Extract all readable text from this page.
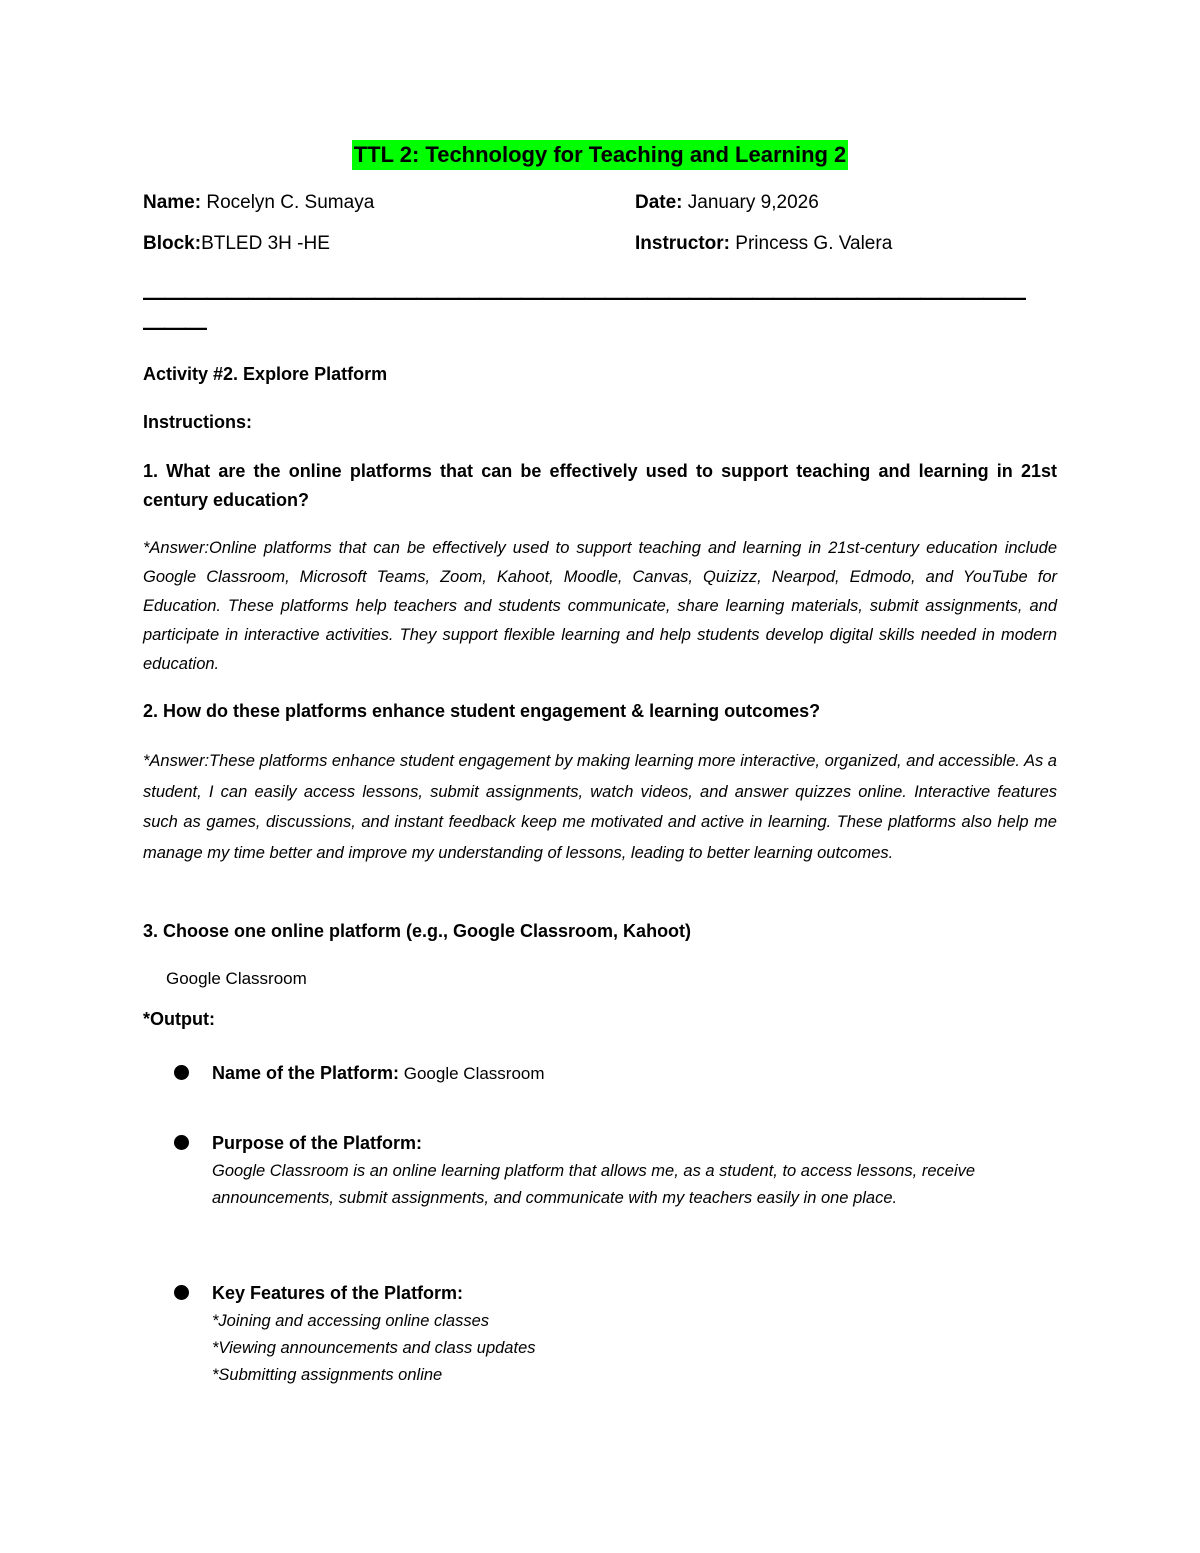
TTL 2: Technology for Teaching and Learning 2
Name: Rocelyn C. Sumaya	Date: January 9,2026
Block:BTLED 3H -HE	Instructor: Princess G. Valera
——————————————————————————————————————————
———
Activity #2. Explore Platform
Instructions:
1. What are the online platforms that can be effectively used to support teaching and learning in 21st century education?
*Answer:Online platforms that can be effectively used to support teaching and learning in 21st-century education include Google Classroom, Microsoft Teams, Zoom, Kahoot, Moodle, Canvas, Quizizz, Nearpod, Edmodo, and YouTube for Education. These platforms help teachers and students communicate, share learning materials, submit assignments, and participate in interactive activities. They support flexible learning and help students develop digital skills needed in modern education.
2. How do these platforms enhance student engagement & learning outcomes?
*Answer:These platforms enhance student engagement by making learning more interactive, organized, and accessible. As a student, I can easily access lessons, submit assignments, watch videos, and answer quizzes online. Interactive features such as games, discussions, and instant feedback keep me motivated and active in learning. These platforms also help me manage my time better and improve my understanding of lessons, leading to better learning outcomes.
3. Choose one online platform (e.g., Google Classroom, Kahoot)
Google Classroom
*Output:
Name of the Platform: Google Classroom
Purpose of the Platform:
Google Classroom is an online learning platform that allows me, as a student, to access lessons, receive announcements, submit assignments, and communicate with my teachers easily in one place.
Key Features of the Platform:
*Joining and accessing online classes
*Viewing announcements and class updates
*Submitting assignments online
